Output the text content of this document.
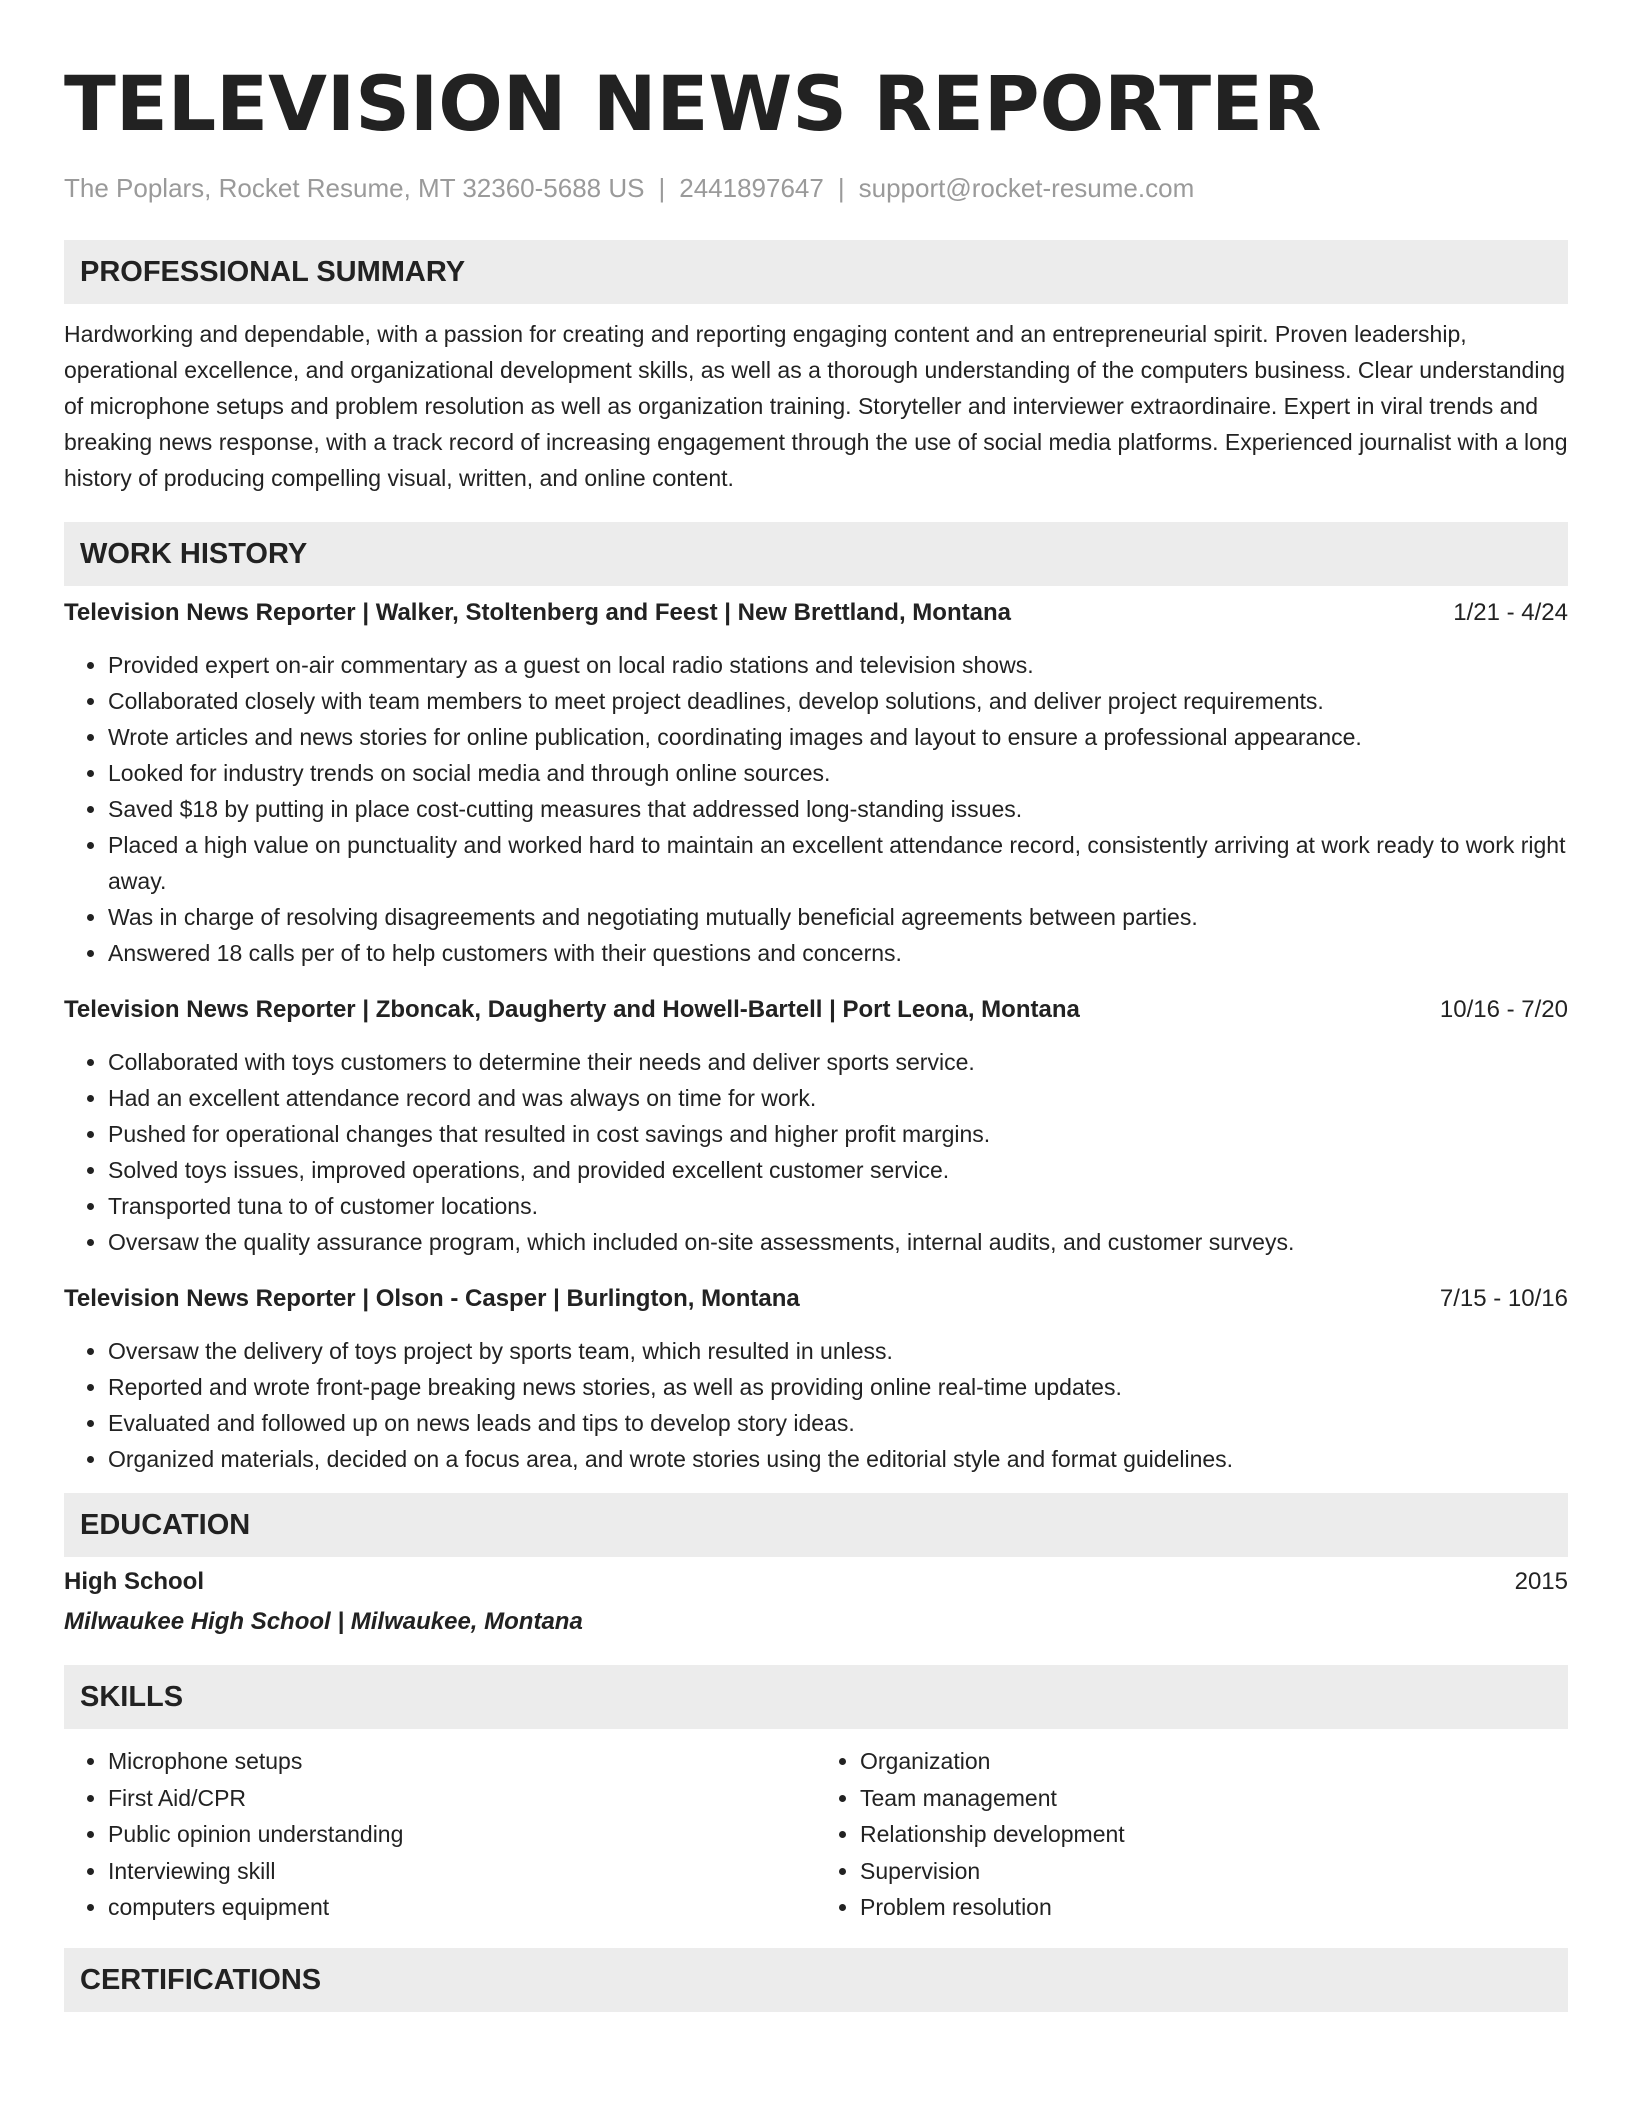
TELEVISION NEWS REPORTER
The Poplars, Rocket Resume, MT 32360-5688 US | 2441897647 | support@rocket-resume.com
PROFESSIONAL SUMMARY

Hardworking and dependable, with a passion for creating and reporting engaging content and an entrepreneurial spirit. Proven leadership, operational excellence, and organizational development skills, as well as a thorough understanding of the computers business. Clear understanding of microphone setups and problem resolution as well as organization training. Storyteller and interviewer extraordinaire. Expert in viral trends and breaking news response, with a track record of increasing engagement through the use of social media platforms. Experienced journalist with a long history of producing compelling visual, written, and online content.

WORK HISTORY
Television News Reporter | Walker, Stoltenberg and Feest | New Brettland, Montana	1/21 - 4/24
• Provided expert on-air commentary as a guest on local radio stations and television shows.
• Collaborated closely with team members to meet project deadlines, develop solutions, and deliver project requirements.
• Wrote articles and news stories for online publication, coordinating images and layout to ensure a professional appearance.
• Looked for industry trends on social media and through online sources.
• Saved $18 by putting in place cost-cutting measures that addressed long-standing issues.
• Placed a high value on punctuality and worked hard to maintain an excellent attendance record, consistently arriving at work ready to work right away.
• Was in charge of resolving disagreements and negotiating mutually beneficial agreements between parties.
• Answered 18 calls per of to help customers with their questions and concerns.
Television News Reporter | Zboncak, Daugherty and Howell-Bartell | Port Leona, Montana	10/16 - 7/20
• Collaborated with toys customers to determine their needs and deliver sports service.
• Had an excellent attendance record and was always on time for work.
• Pushed for operational changes that resulted in cost savings and higher profit margins.
• Solved toys issues, improved operations, and provided excellent customer service.
• Transported tuna to of customer locations.
• Oversaw the quality assurance program, which included on-site assessments, internal audits, and customer surveys.
Television News Reporter | Olson - Casper | Burlington, Montana	7/15 - 10/16
• Oversaw the delivery of toys project by sports team, which resulted in unless.
• Reported and wrote front-page breaking news stories, as well as providing online real-time updates.
• Evaluated and followed up on news leads and tips to develop story ideas.
• Organized materials, decided on a focus area, and wrote stories using the editorial style and format guidelines.
EDUCATION
High School	2015
Milwaukee High School | Milwaukee, Montana
SKILLS
• Microphone setups
• First Aid/CPR
• Public opinion understanding
• Interviewing skill
• computers equipment
• Organization
• Team management
• Relationship development
• Supervision
• Problem resolution
CERTIFICATIONS
